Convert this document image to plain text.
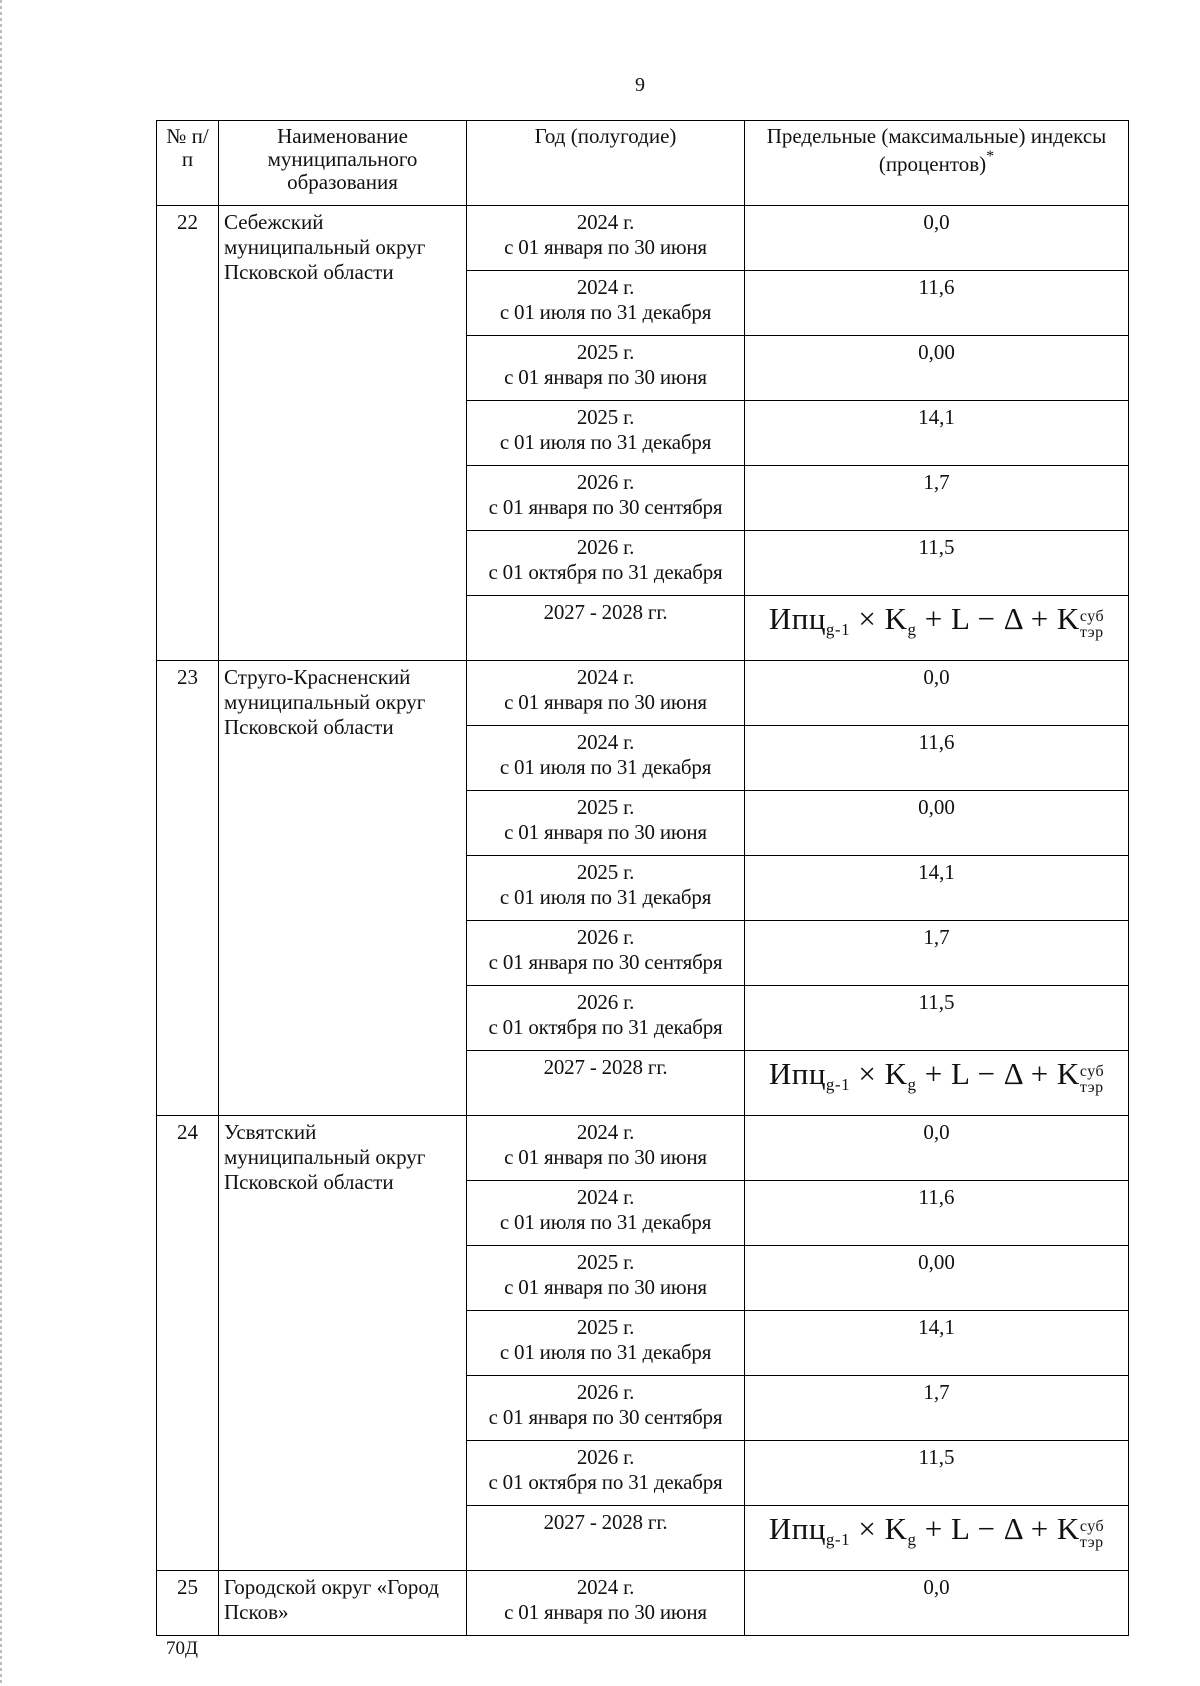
9
№ п/п	Наименование муниципального образования	Год (полугодие)	Предельные (максимальные) индексы (процентов)*
22	Себежский муниципальный округ Псковской области	2024 г.
с 01 января по 30 июня	0,0

		2024 г.
с 01 июля по 31 декабря	11,6

		2025 г.
с 01 января по 30 июня	0,00

		2025 г.
с 01 июля по 31 декабря	14,1

		2026 г.
с 01 января по 30 сентября	1,7

		2026 г.
с 01 октября по 31 декабря	11,5

		2027 - 2028 гг.	$Ипц_{g-1} \times K_g + L - \Delta + K$ суб
тэр

23	Струго-Красненский муниципальный округ Псковской области	2024 г.
с 01 января по 30 июня	0,0

		2024 г.
с 01 июля по 31 декабря	11,6

		2025 г.
с 01 января по 30 июня	0,00

		2025 г.
с 01 июля по 31 декабря	14,1

		2026 г.
с 01 января по 30 сентября	1,7

		2026 г.
с 01 октября по 31 декабря	11,5

		2027 - 2028 гг.	$Ипц_{g-1} \times K_g + L - \Delta + K$ суб
тэр

24	Усвятский муниципальный округ Псковской области	2024 г.
с 01 января по 30 июня	0,0

		2024 г.
с 01 июля по 31 декабря	11,6

		2025 г.
с 01 января по 30 июня	0,00

		2025 г.
с 01 июля по 31 декабря	14,1

		2026 г.
с 01 января по 30 сентября	1,7

		2026 г.
с 01 октября по 31 декабря	11,5

		2027 - 2028 гг.	$Ипц_{g-1} \times K_g + L - \Delta + K$ суб
тэр

25	Городской округ «Город Псков»	2024 г.
с 01 января по 30 июня	0,0
70Д
